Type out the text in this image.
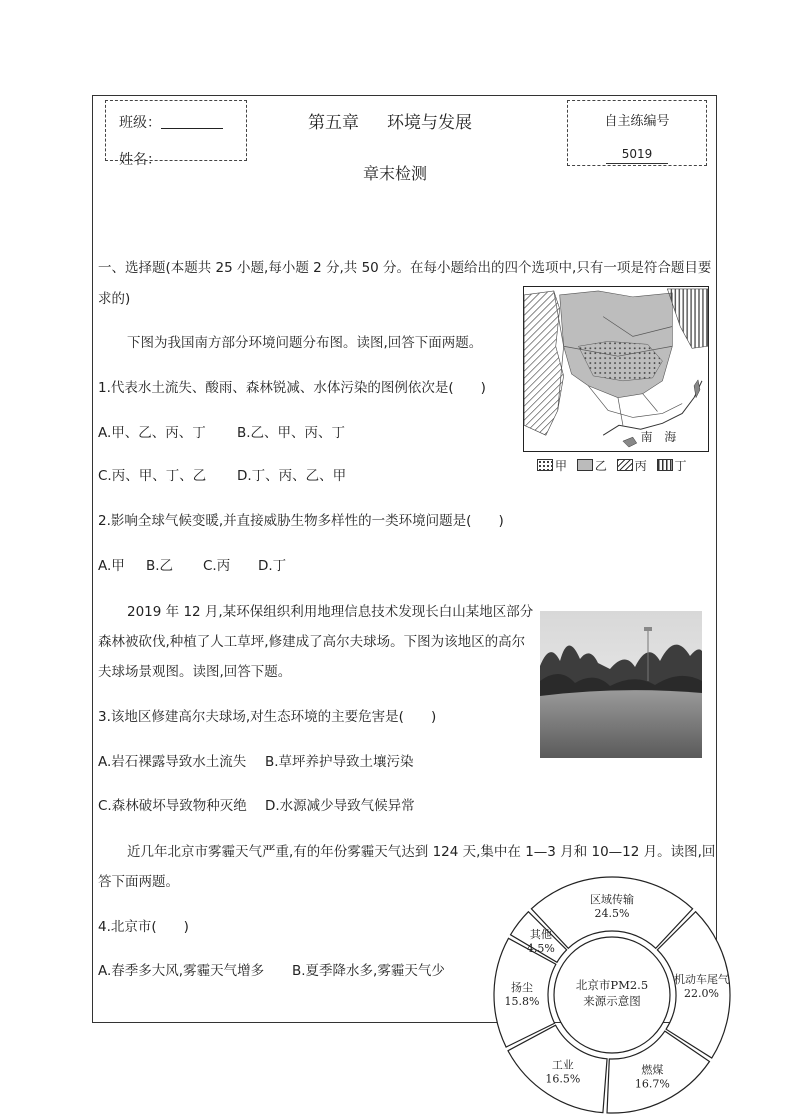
班级：
姓名：
第五章 环境与发展
章末检测
自主练编号
5019
一、选择题(本题共 25 小题,每小题 2 分,共 50 分。在每小题给出的四个选项中,只有一项是符合题目要
求的)
下图为我国南方部分环境问题分布图。读图,回答下面两题。
1.代表水土流失、酸雨、森林锐减、水体污染的图例依次是(　　)
A.甲、乙、丙、丁 B.乙、甲、丙、丁
C.丙、甲、丁、乙 D.丁、丙、乙、甲
2.影响全球气候变暖,并直接威胁生物多样性的一类环境问题是(　　)
A.甲 B.乙 C.丙 D.丁
南　海
甲 乙 丙 丁
2019 年 12 月,某环保组织利用地理信息技术发现长白山某地区部分
森林被砍伐,种植了人工草坪,修建成了高尔夫球场。下图为该地区的高尔
夫球场景观图。读图,回答下题。
3.该地区修建高尔夫球场,对生态环境的主要危害是(　　)
A.岩石裸露导致水土流失 B.草坪养护导致土壤污染
C.森林破坏导致物种灭绝 D.水源减少导致气候异常
近几年北京市雾霾天气严重,有的年份雾霾天气达到 124 天,集中在 1—3 月和 10—12 月。读图,回
答下面两题。
4.北京市(　　)
A.春季多大风,雾霾天气增多 B.夏季降水多,雾霾天气少
北京市PM2.5
来源示意图
区域传输
24.5%
机动车尾气
22.0%
燃煤
16.7%
工业
16.5%
扬尘
15.8%
其他
4.5%
